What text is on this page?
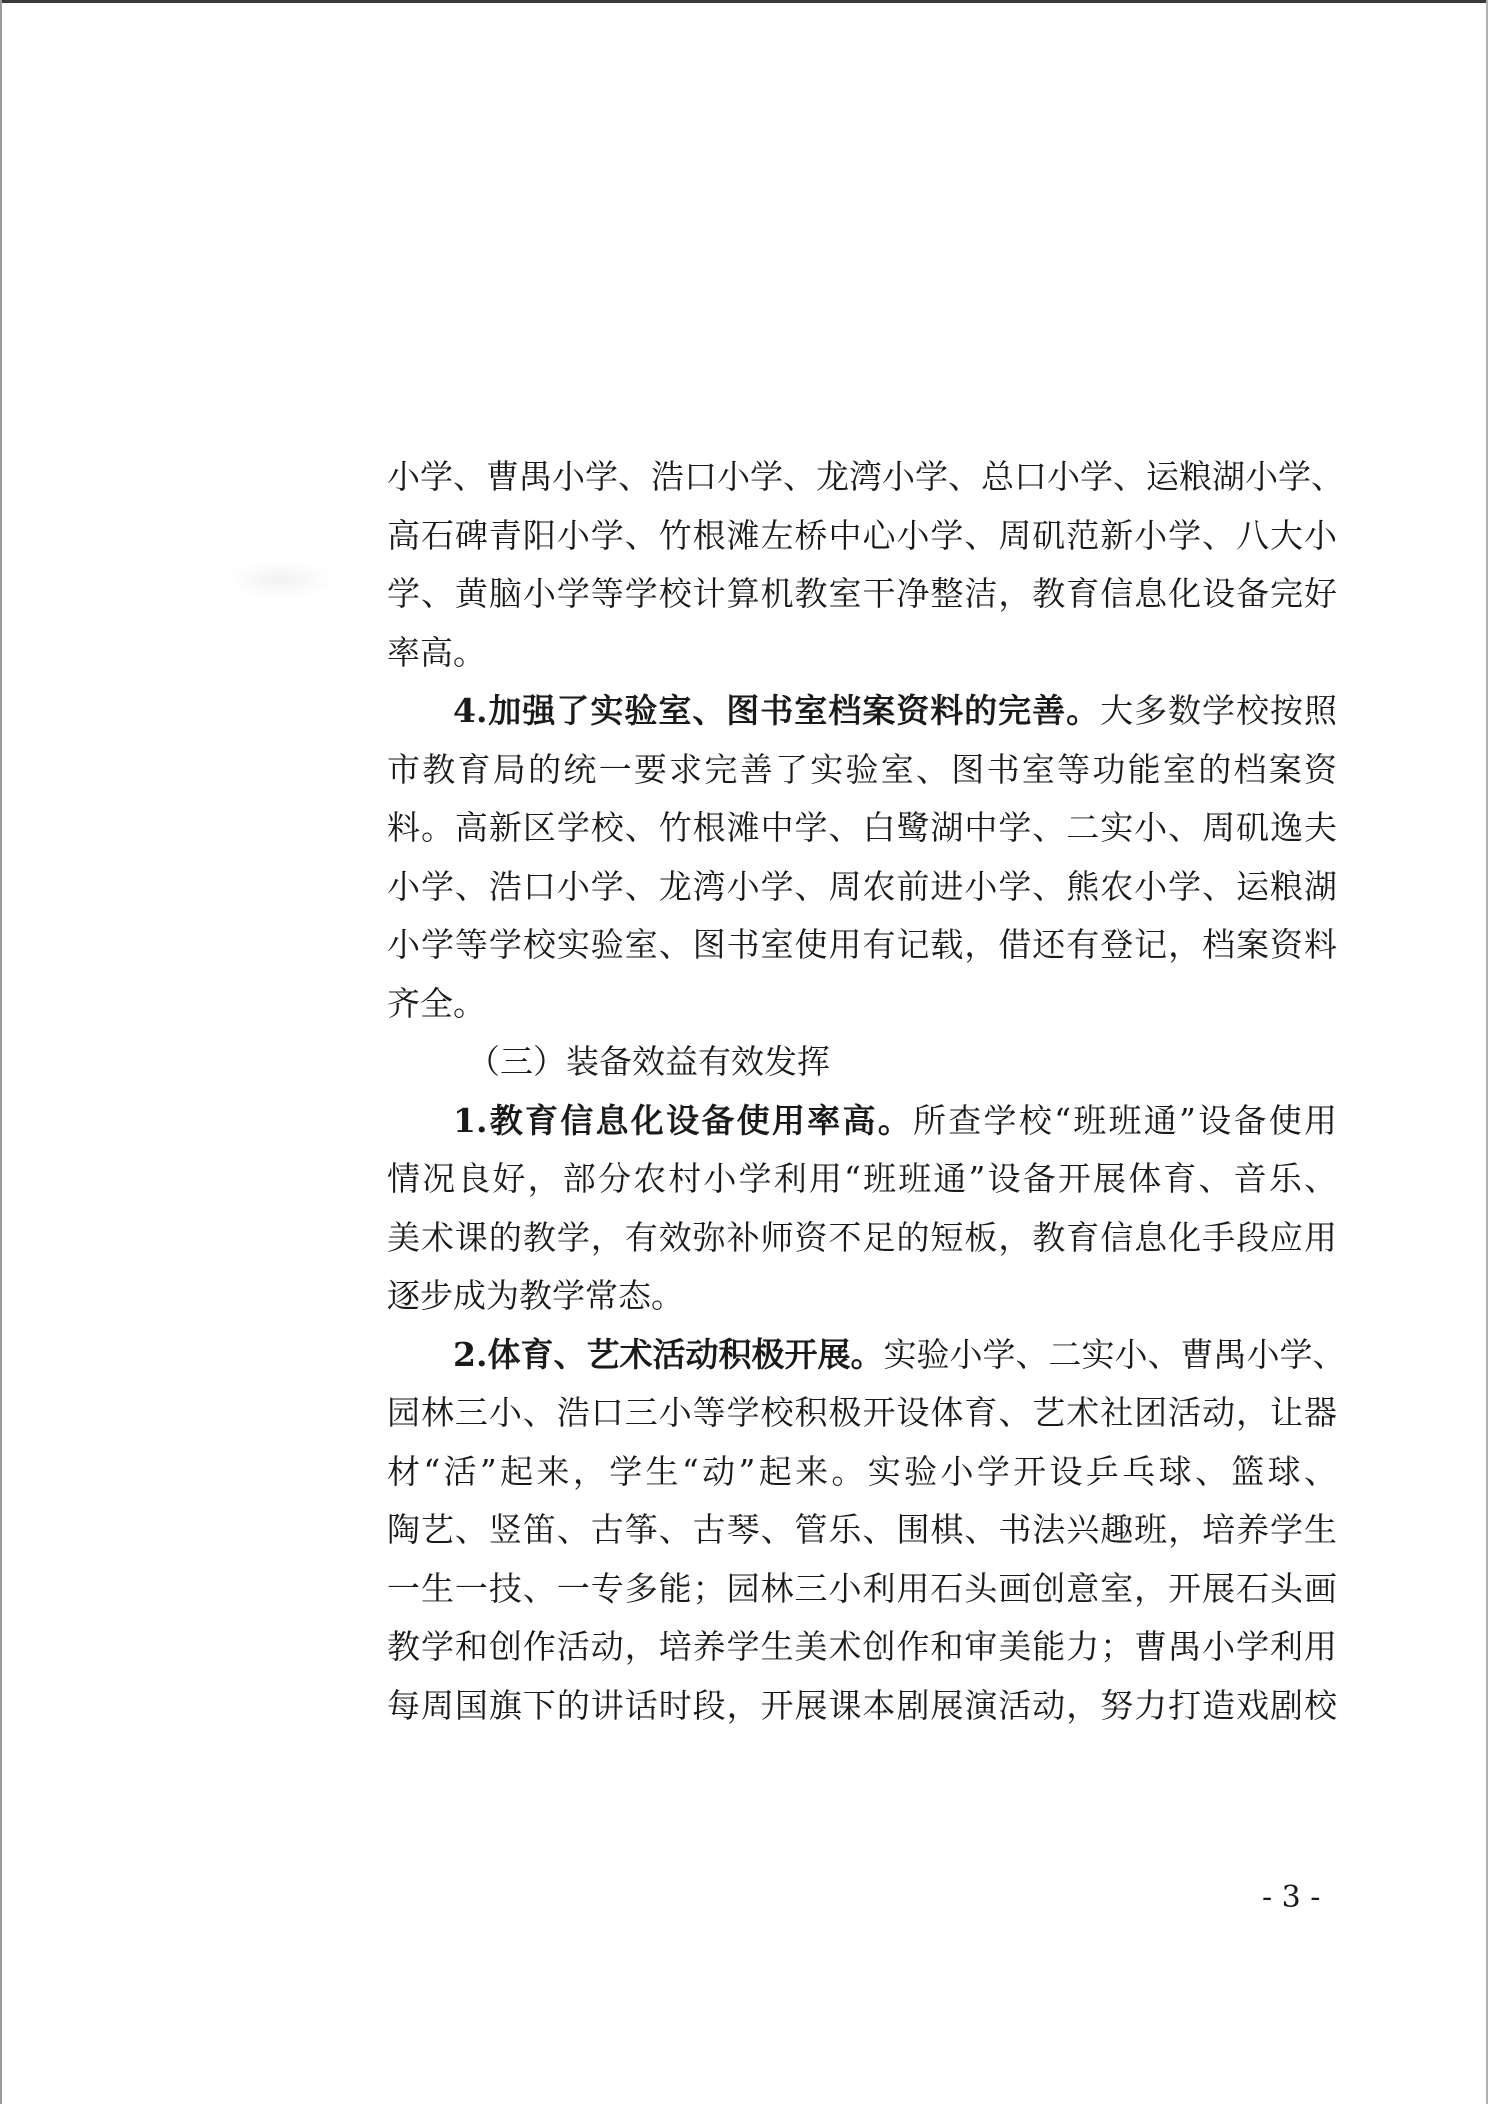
小学、曹禺小学、浩口小学、龙湾小学、总口小学、运粮湖小学、
高石碑青阳小学、竹根滩左桥中心小学、周矶范新小学、八大小
学、黄脑小学等学校计算机教室干净整洁，教育信息化设备完好
率高。
4.加强了实验室、图书室档案资料的完善。大多数学校按照
市教育局的统一要求完善了实验室、图书室等功能室的档案资
料。高新区学校、竹根滩中学、白鹭湖中学、二实小、周矶逸夫
小学、浩口小学、龙湾小学、周农前进小学、熊农小学、运粮湖
小学等学校实验室、图书室使用有记载，借还有登记，档案资料
齐全。
（三）装备效益有效发挥
1.教育信息化设备使用率高。所查学校“班班通”设备使用
情况良好，部分农村小学利用“班班通”设备开展体育、音乐、
美术课的教学，有效弥补师资不足的短板，教育信息化手段应用
逐步成为教学常态。
2.体育、艺术活动积极开展。实验小学、二实小、曹禺小学、
园林三小、浩口三小等学校积极开设体育、艺术社团活动，让器
材“活”起来，学生“动”起来。实验小学开设乒乓球、篮球、
陶艺、竖笛、古筝、古琴、管乐、围棋、书法兴趣班，培养学生
一生一技、一专多能；园林三小利用石头画创意室，开展石头画
教学和创作活动，培养学生美术创作和审美能力；曹禺小学利用
每周国旗下的讲话时段，开展课本剧展演活动，努力打造戏剧校
- 3 -
